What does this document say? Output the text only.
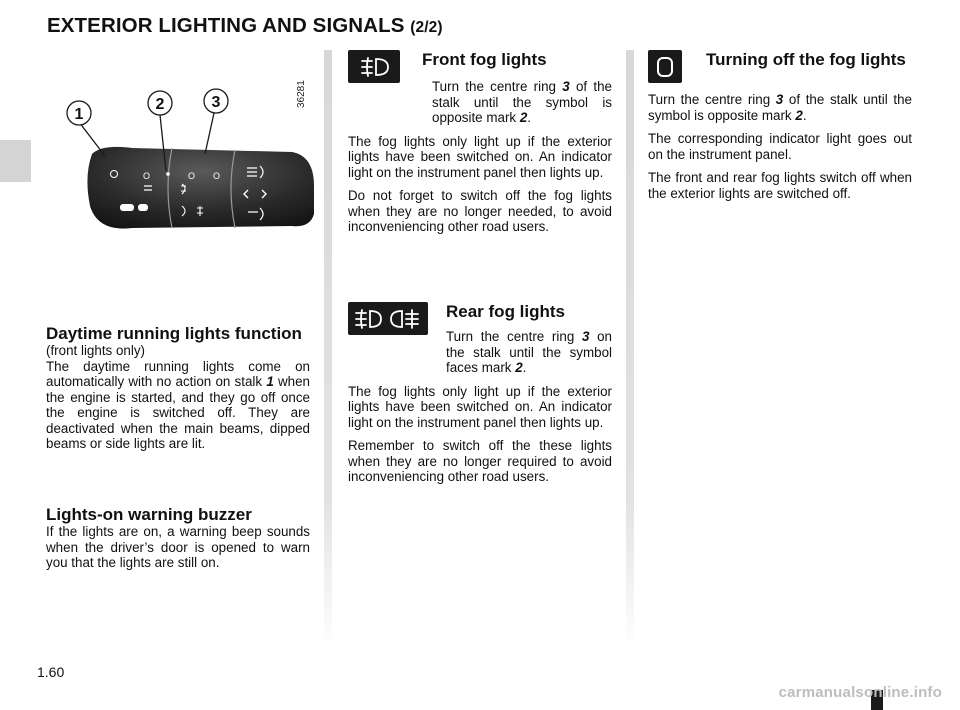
EXTERIOR LIGHTING AND SIGNALS (2/2)
36281
O	O O
1
2	3
Daytime running lights function

(front lights only)

The daytime running lights come on automatically with no action on stalk 1 when the engine is started, and they go off once the engine is switched off. They are deactivated when the main beams, dipped beams or side lights are lit.

Lights-on warning buzzer

If the lights are on, a warning beep sounds when the driver’s door is opened to warn you that the lights are still on.

Front fog lights

Turn the centre ring 3 of the stalk until the symbol is opposite mark 2.

The fog lights only light up if the exterior lights have been switched on. An indicator light on the instrument panel then lights up.

Do not forget to switch off the fog lights when they are no longer needed, to avoid inconveniencing other road users.

Rear fog lights

Turn the centre ring 3 on the stalk until the symbol faces mark 2.

The fog lights only light up if the exterior lights have been switched on. An indicator light on the instrument panel then lights up.

Remember to switch off the these lights when they are no longer required to avoid inconveniencing other road users.

Turning off the fog lights

Turn the centre ring 3 of the stalk until the symbol is opposite mark 2.

The corresponding indicator light goes out on the instrument panel.

The front and rear fog lights switch off when the exterior lights are switched off.

1.60
carmanualsonline.info
